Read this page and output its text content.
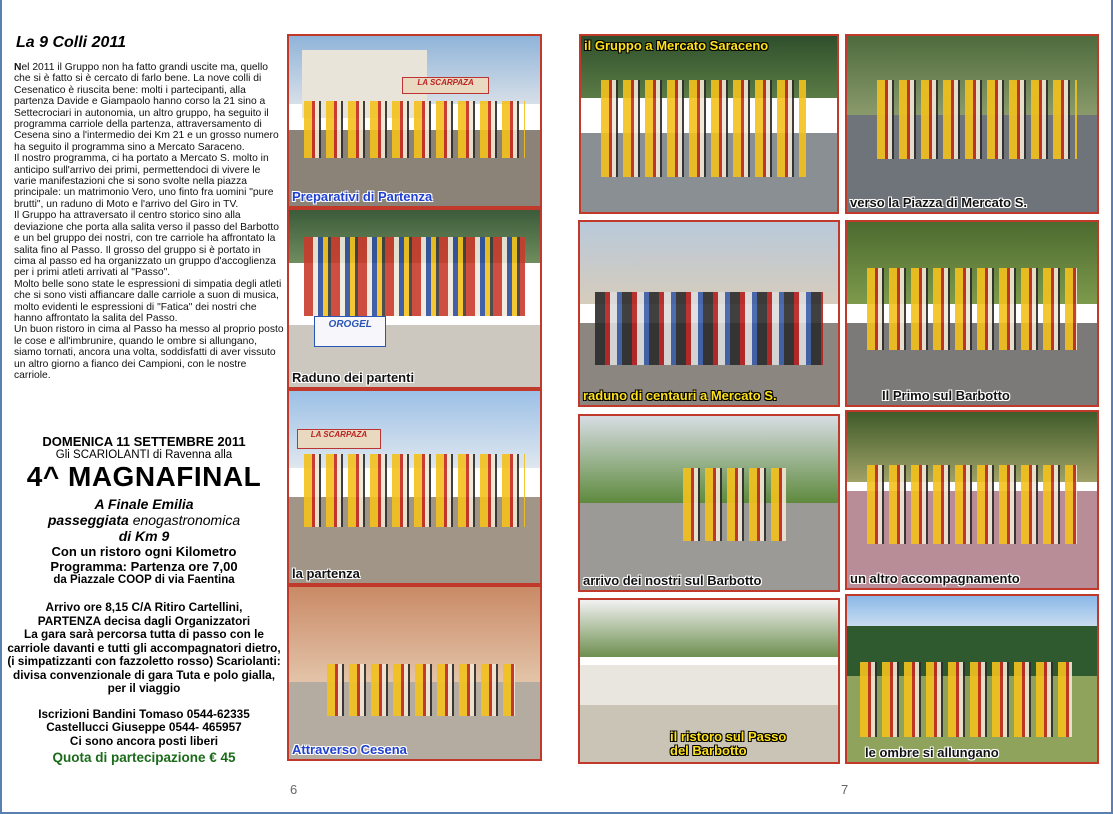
La 9 Colli 2011

Nel 2011 il Gruppo non ha fatto grandi uscite ma, quello che si è fatto si è cercato di farlo bene. La nove colli di Cesenatico è riuscita bene: molti i partecipanti, alla partenza Davide e Giampaolo hanno corso la 21 sino a Settecrociari in autonomia, un altro gruppo, ha seguito il programma carriole della partenza, attraversamento di Cesena sino a l'intermedio dei Km 21 e un grosso numero ha seguito il programma sino a Mercato Saraceno.
Il nostro programma, ci ha portato a Mercato S. molto in anticipo sull'arrivo dei primi, permettendoci di vivere le varie manifestazioni che si sono svolte nella piazza principale: un matrimonio Vero, uno finto fra uomini "pure brutti", un raduno di Moto e l'arrivo del Giro in TV.
Il Gruppo ha attraversato il centro storico sino alla deviazione che porta alla salita verso il passo del Barbotto e un bel gruppo dei nostri, con tre carriole ha affrontato la salita fino al Passo. Il grosso del gruppo si è portato in cima al passo ed ha organizzato un gruppo d'accoglienza per i primi atleti arrivati al "Passo".
Molto belle sono state le espressioni di simpatia degli atleti che si sono visti affiancare dalle carriole a suon di musica, molto evidenti le espressioni di "Fatica" dei nostri che hanno affrontato la salita del Passo.
Un buon ristoro in cima al Passo ha messo al proprio posto le cose e all'imbrunire, quando le ombre si allungano, siamo tornati, ancora una volta, soddisfatti di aver vissuto un altro giorno a fianco dei Campioni, con le nostre carriole.

DOMENICA 11 SETTEMBRE 2011

Gli SCARIOLANTI di Ravenna alla

4^ MAGNAFINAL

A Finale Emilia

passeggiata enogastronomica

di Km 9

Con un ristoro ogni Kilometro

Programma: Partenza ore 7,00

da Piazzale COOP di via Faentina

Arrivo ore 8,15 C/A Ritiro Cartellini,

PARTENZA decisa dagli Organizzatori

La gara sarà percorsa tutta di passo con le carriole davanti e tutti gli accompagnatori dietro, (i simpatizzanti con fazzoletto rosso) Scariolanti: divisa convenzionale di gara Tuta e polo gialla, per il viaggio

Iscrizioni Bandini Tomaso 0544-62335

Castellucci Giuseppe 0544- 465957

Ci sono ancora posti liberi

Quota di partecipazione € 45

LA SCARPAZA
Preparativi di Partenza
OROGEL
Raduno dei partenti
LA SCARPAZA
la partenza
Attraverso Cesena
il Gruppo a Mercato Saraceno
verso la Piazza di Mercato S.
raduno di centauri a Mercato S.	Il Primo sul Barbotto
arrivo dei nostri sul Barbotto	un altro accompagnamento
il ristoro sul Passo
del Barbotto	le ombre si allungano
6	7
